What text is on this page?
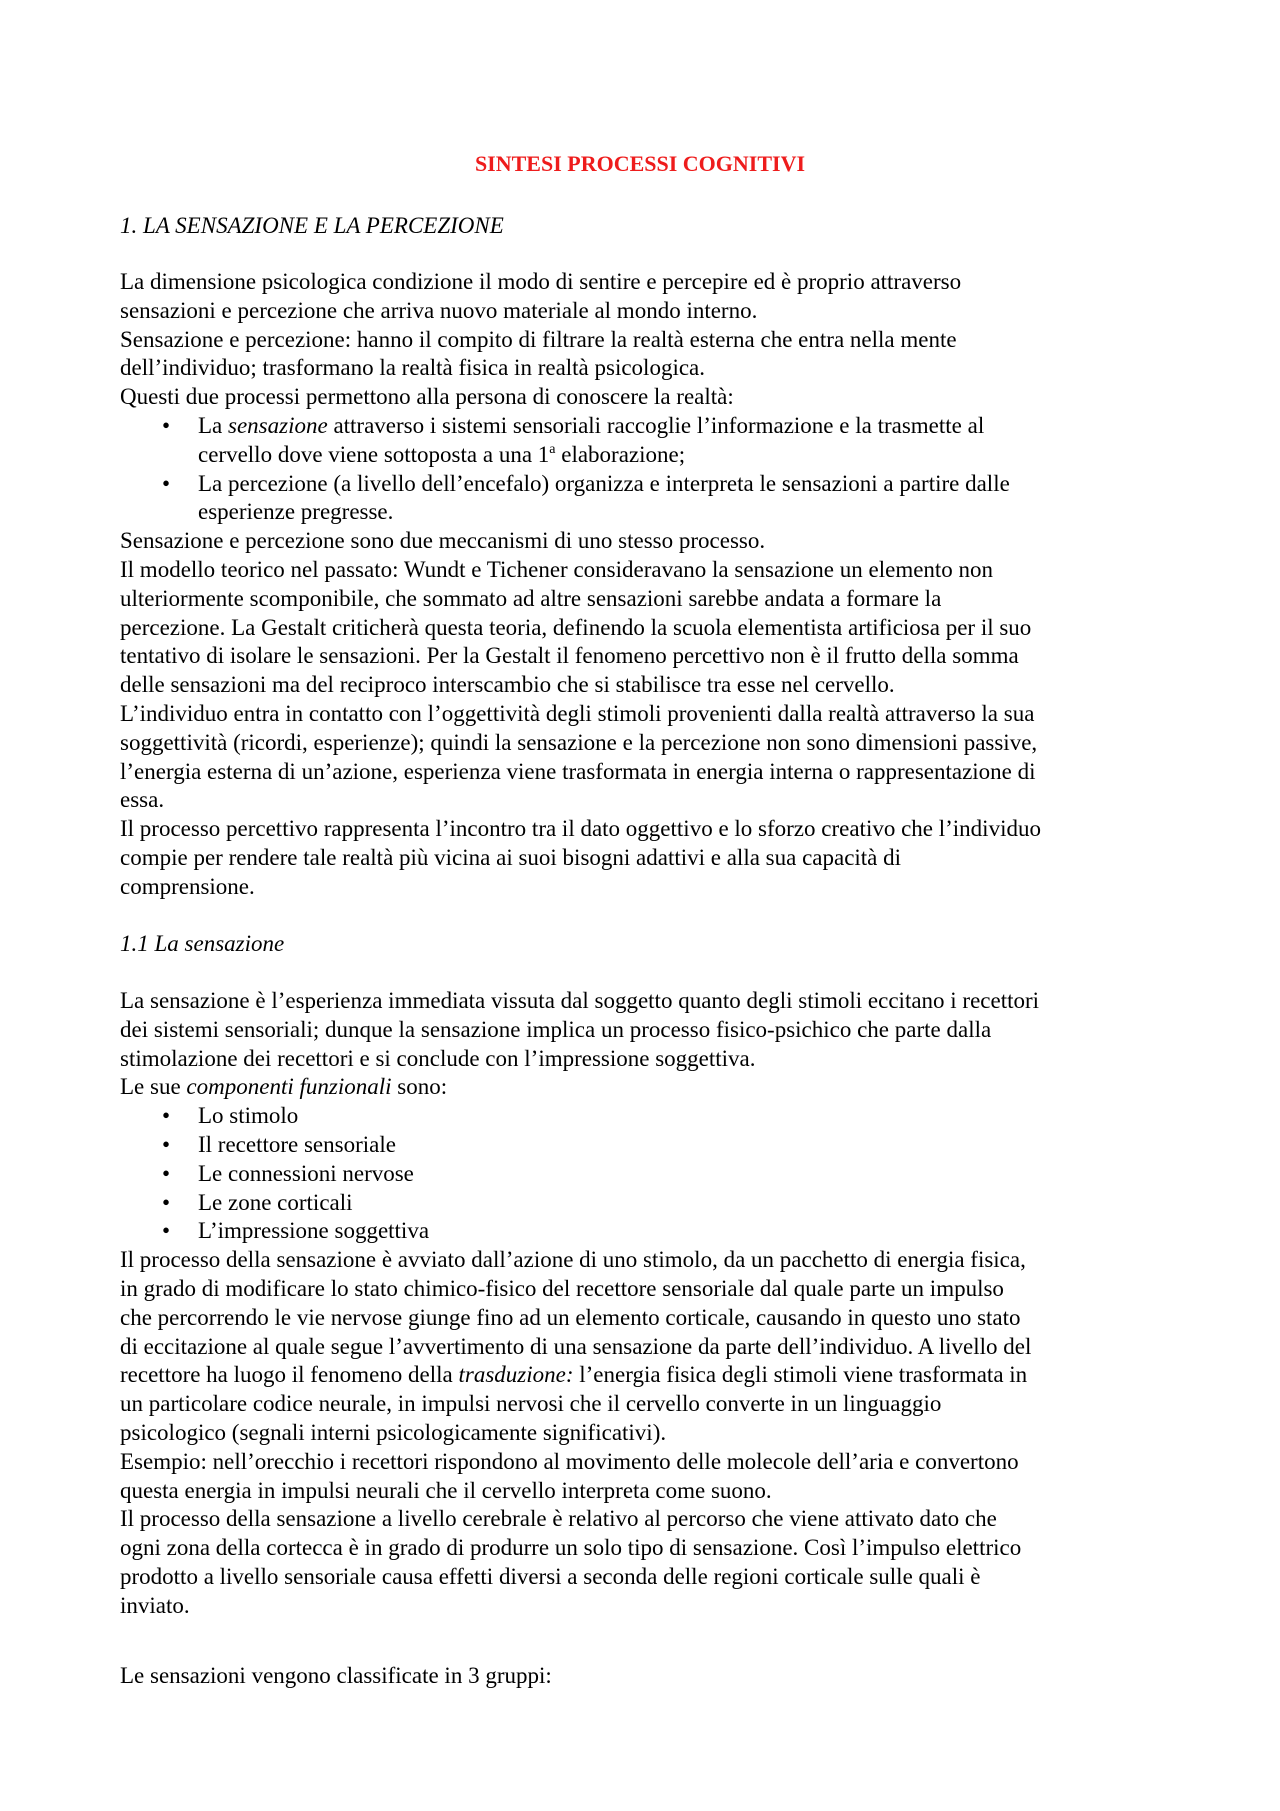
SINTESI PROCESSI COGNITIVI
1. LA SENSAZIONE E LA PERCEZIONE

La dimensione psicologica condizione il modo di sentire e percepire ed è proprio attraverso
sensazioni e percezione che arriva nuovo materiale al mondo interno.

Sensazione e percezione: hanno il compito di filtrare la realtà esterna che entra nella mente
dell’individuo; trasformano la realtà fisica in realtà psicologica.

Questi due processi permettono alla persona di conoscere la realtà:

• La sensazione attraverso i sistemi sensoriali raccoglie l’informazione e la trasmette al
cervello dove viene sottoposta a una 1$^a$ elaborazione;
• La percezione (a livello dell’encefalo) organizza e interpreta le sensazioni a partire dalle
esperienze pregresse.

Sensazione e percezione sono due meccanismi di uno stesso processo.

Il modello teorico nel passato: Wundt e Tichener consideravano la sensazione un elemento non
ulteriormente scomponibile, che sommato ad altre sensazioni sarebbe andata a formare la
percezione. La Gestalt criticherà questa teoria, definendo la scuola elementista artificiosa per il suo
tentativo di isolare le sensazioni. Per la Gestalt il fenomeno percettivo non è il frutto della somma
delle sensazioni ma del reciproco interscambio che si stabilisce tra esse nel cervello.

L’individuo entra in contatto con l’oggettività degli stimoli provenienti dalla realtà attraverso la sua
soggettività (ricordi, esperienze); quindi la sensazione e la percezione non sono dimensioni passive,
l’energia esterna di un’azione, esperienza viene trasformata in energia interna o rappresentazione di
essa.

Il processo percettivo rappresenta l’incontro tra il dato oggettivo e lo sforzo creativo che l’individuo
compie per rendere tale realtà più vicina ai suoi bisogni adattivi e alla sua capacità di
comprensione.

1.1 La sensazione

La sensazione è l’esperienza immediata vissuta dal soggetto quanto degli stimoli eccitano i recettori
dei sistemi sensoriali; dunque la sensazione implica un processo fisico-psichico che parte dalla
stimolazione dei recettori e si conclude con l’impressione soggettiva.

Le sue componenti funzionali sono:

• Lo stimolo
• Il recettore sensoriale
• Le connessioni nervose
• Le zone corticali
• L’impressione soggettiva

Il processo della sensazione è avviato dall’azione di uno stimolo, da un pacchetto di energia fisica,
in grado di modificare lo stato chimico-fisico del recettore sensoriale dal quale parte un impulso
che percorrendo le vie nervose giunge fino ad un elemento corticale, causando in questo uno stato
di eccitazione al quale segue l’avvertimento di una sensazione da parte dell’individuo. A livello del
recettore ha luogo il fenomeno della trasduzione: l’energia fisica degli stimoli viene trasformata in
un particolare codice neurale, in impulsi nervosi che il cervello converte in un linguaggio
psicologico (segnali interni psicologicamente significativi).

Esempio: nell’orecchio i recettori rispondono al movimento delle molecole dell’aria e convertono
questa energia in impulsi neurali che il cervello interpreta come suono.

Il processo della sensazione a livello cerebrale è relativo al percorso che viene attivato dato che
ogni zona della cortecca è in grado di produrre un solo tipo di sensazione. Così l’impulso elettrico
prodotto a livello sensoriale causa effetti diversi a seconda delle regioni corticale sulle quali è
inviato.

Le sensazioni vengono classificate in 3 gruppi:
